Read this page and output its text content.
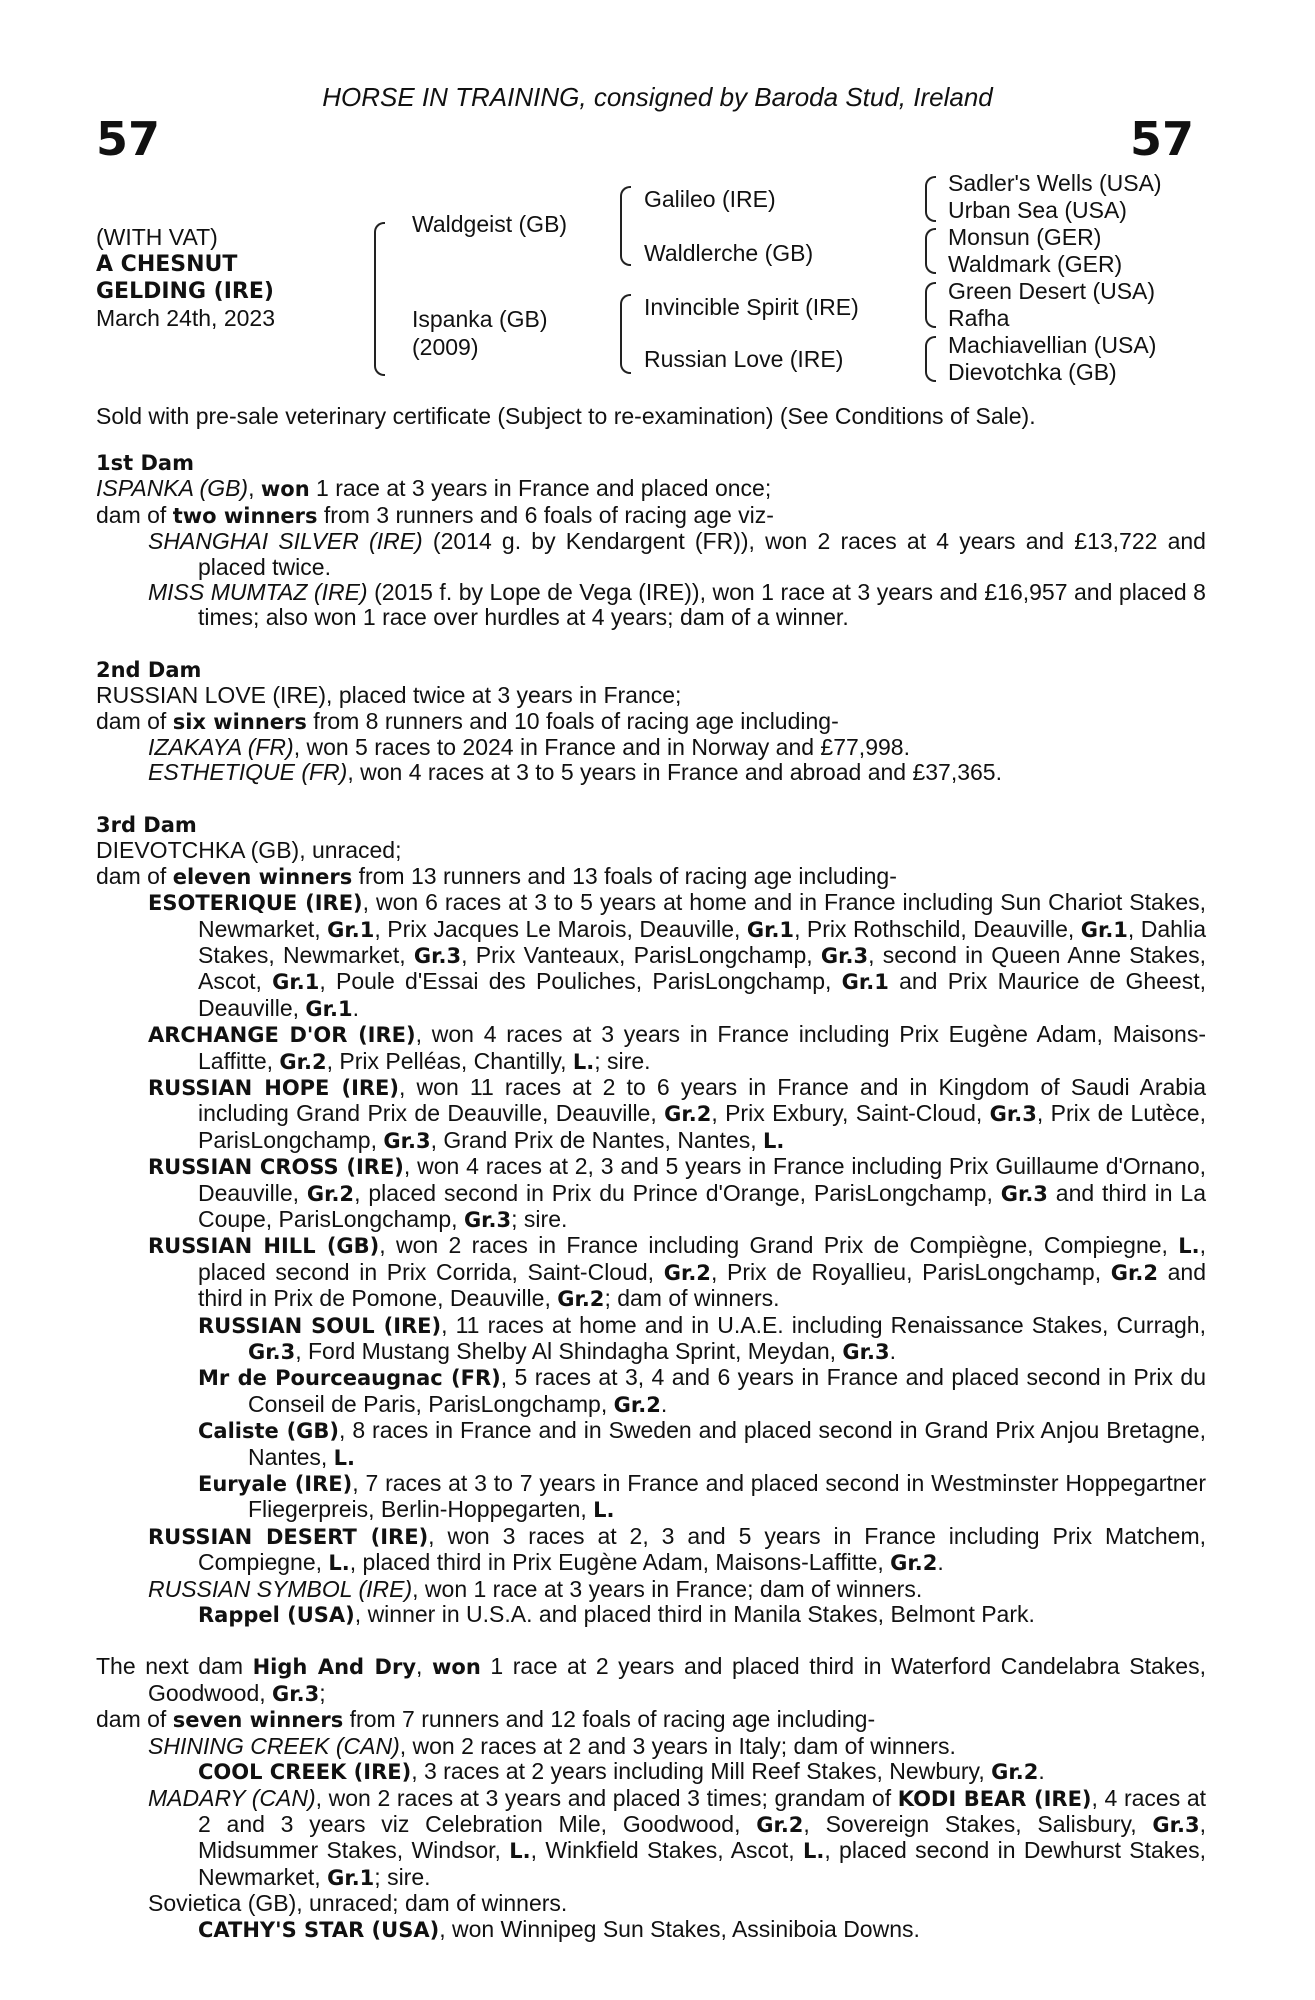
HORSE IN TRAINING, consigned by Baroda Stud, Ireland
57	57
(WITH VAT)
A CHESNUT
GELDING (IRE)
March 24th, 2023
Waldgeist (GB)
Ispanka (GB)
(2009)
Galileo (IRE)
Waldlerche (GB)
Invincible Spirit (IRE)
Russian Love (IRE)
Sadler's Wells (USA)
Urban Sea (USA)
Monsun (GER)
Waldmark (GER)
Green Desert (USA)
Rafha
Machiavellian (USA)
Dievotchka (GB)
Sold with pre-sale veterinary certificate (Subject to re-examination) (See Conditions of Sale).

1st Dam

ISPANKA (GB), won 1 race at 3 years in France and placed once;

dam of two winners from 3 runners and 6 foals of racing age viz-

SHANGHAI SILVER (IRE) (2014 g. by Kendargent (FR)), won 2 races at 4 years and £13,722 and placed twice.

MISS MUMTAZ (IRE) (2015 f. by Lope de Vega (IRE)), won 1 race at 3 years and £16,957 and placed 8 times; also won 1 race over hurdles at 4 years; dam of a winner.

2nd Dam

RUSSIAN LOVE (IRE), placed twice at 3 years in France;

dam of six winners from 8 runners and 10 foals of racing age including-

IZAKAYA (FR), won 5 races to 2024 in France and in Norway and £77,998.

ESTHETIQUE (FR), won 4 races at 3 to 5 years in France and abroad and £37,365.

3rd Dam

DIEVOTCHKA (GB), unraced;

dam of eleven winners from 13 runners and 13 foals of racing age including-

ESOTERIQUE (IRE), won 6 races at 3 to 5 years at home and in France including Sun Chariot Stakes, Newmarket, Gr.1, Prix Jacques Le Marois, Deauville, Gr.1, Prix Rothschild, Deauville, Gr.1, Dahlia Stakes, Newmarket, Gr.3, Prix Vanteaux, ParisLongchamp, Gr.3, second in Queen Anne Stakes, Ascot, Gr.1, Poule d'Essai des Pouliches, ParisLongchamp, Gr.1 and Prix Maurice de Gheest, Deauville, Gr.1.

ARCHANGE D'OR (IRE), won 4 races at 3 years in France including Prix Eugène Adam, Maisons-Laffitte, Gr.2, Prix Pelléas, Chantilly, L.; sire.

RUSSIAN HOPE (IRE), won 11 races at 2 to 6 years in France and in Kingdom of Saudi Arabia including Grand Prix de Deauville, Deauville, Gr.2, Prix Exbury, Saint-Cloud, Gr.3, Prix de Lutèce, ParisLongchamp, Gr.3, Grand Prix de Nantes, Nantes, L.

RUSSIAN CROSS (IRE), won 4 races at 2, 3 and 5 years in France including Prix Guillaume d'Ornano, Deauville, Gr.2, placed second in Prix du Prince d'Orange, ParisLongchamp, Gr.3 and third in La Coupe, ParisLongchamp, Gr.3; sire.

RUSSIAN HILL (GB), won 2 races in France including Grand Prix de Compiègne, Compiegne, L., placed second in Prix Corrida, Saint-Cloud, Gr.2, Prix de Royallieu, ParisLongchamp, Gr.2 and third in Prix de Pomone, Deauville, Gr.2; dam of winners.

RUSSIAN SOUL (IRE), 11 races at home and in U.A.E. including Renaissance Stakes, Curragh, Gr.3, Ford Mustang Shelby Al Shindagha Sprint, Meydan, Gr.3.

Mr de Pourceaugnac (FR), 5 races at 3, 4 and 6 years in France and placed second in Prix du Conseil de Paris, ParisLongchamp, Gr.2.

Caliste (GB), 8 races in France and in Sweden and placed second in Grand Prix Anjou Bretagne, Nantes, L.

Euryale (IRE), 7 races at 3 to 7 years in France and placed second in Westminster Hoppegartner Fliegerpreis, Berlin-Hoppegarten, L.

RUSSIAN DESERT (IRE), won 3 races at 2, 3 and 5 years in France including Prix Matchem, Compiegne, L., placed third in Prix Eugène Adam, Maisons-Laffitte, Gr.2.

RUSSIAN SYMBOL (IRE), won 1 race at 3 years in France; dam of winners.

Rappel (USA), winner in U.S.A. and placed third in Manila Stakes, Belmont Park.

The next dam High And Dry, won 1 race at 2 years and placed third in Waterford Candelabra Stakes, Goodwood, Gr.3;

dam of seven winners from 7 runners and 12 foals of racing age including-

SHINING CREEK (CAN), won 2 races at 2 and 3 years in Italy; dam of winners.

COOL CREEK (IRE), 3 races at 2 years including Mill Reef Stakes, Newbury, Gr.2.

MADARY (CAN), won 2 races at 3 years and placed 3 times; grandam of KODI BEAR (IRE), 4 races at 2 and 3 years viz Celebration Mile, Goodwood, Gr.2, Sovereign Stakes, Salisbury, Gr.3, Midsummer Stakes, Windsor, L., Winkfield Stakes, Ascot, L., placed second in Dewhurst Stakes, Newmarket, Gr.1; sire.

Sovietica (GB), unraced; dam of winners.

CATHY'S STAR (USA), won Winnipeg Sun Stakes, Assiniboia Downs.
